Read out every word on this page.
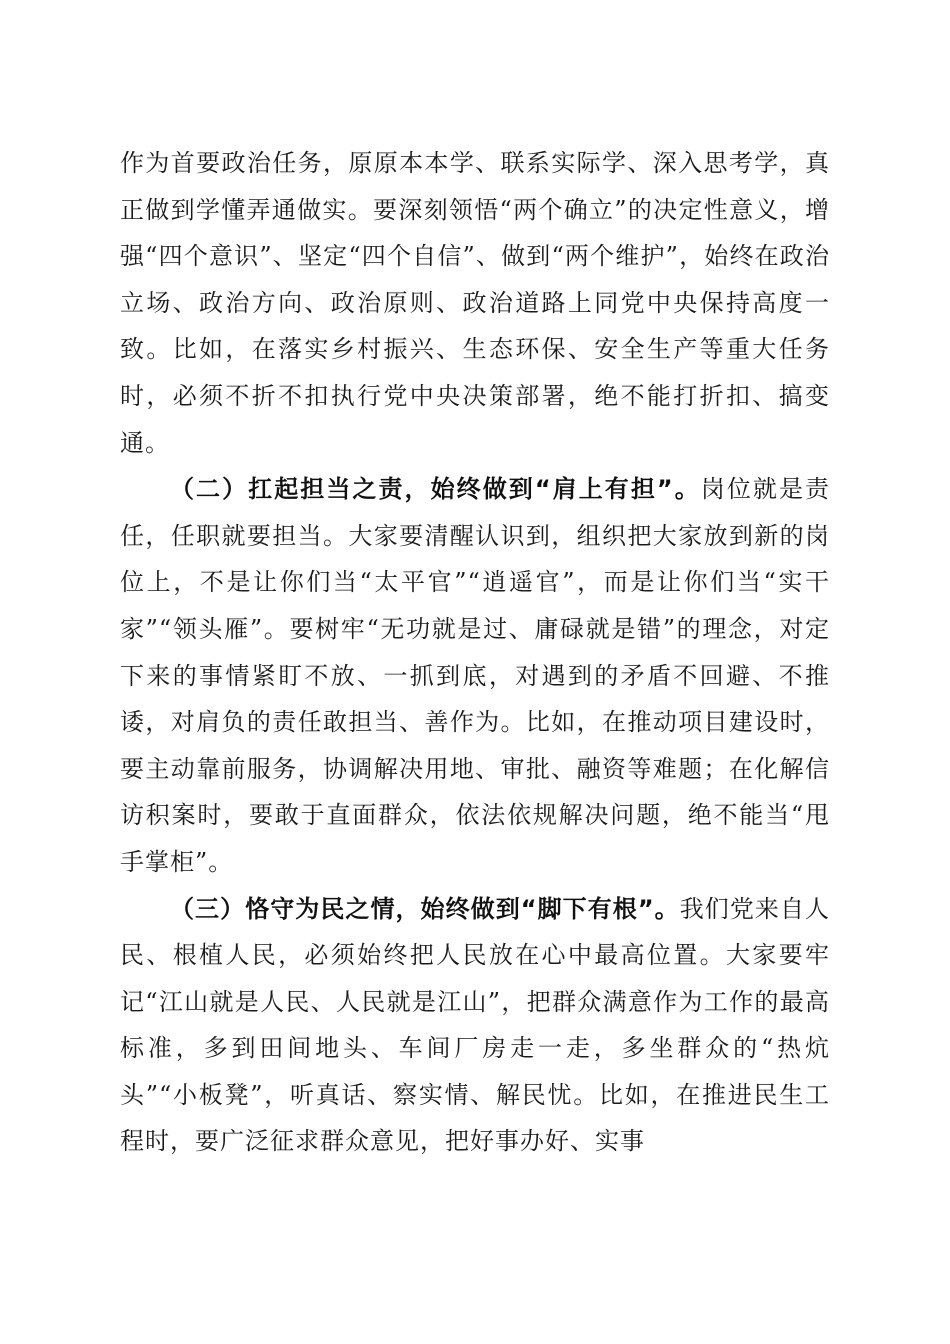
作为首要政治任务，原原本本学、联系实际学、深入思考学，真正做到学懂弄通做实。要深刻领悟“两个确立”的决定性意义，增强“四个意识”、坚定“四个自信”、做到“两个维护”，始终在政治立场、政治方向、政治原则、政治道路上同党中央保持高度一致。比如，在落实乡村振兴、生态环保、安全生产等重大任务时，必须不折不扣执行党中央决策部署，绝不能打折扣、搞变通。

（二）扛起担当之责，始终做到“肩上有担”。岗位就是责任，任职就要担当。大家要清醒认识到，组织把大家放到新的岗位上，不是让你们当“太平官”“逍遥官”，而是让你们当“实干家”“领头雁”。要树牢“无功就是过、庸碌就是错”的理念，对定下来的事情紧盯不放、一抓到底，对遇到的矛盾不回避、不推诿，对肩负的责任敢担当、善作为。比如，在推动项目建设时，要主动靠前服务，协调解决用地、审批、融资等难题；在化解信访积案时，要敢于直面群众，依法依规解决问题，绝不能当“甩手掌柜”。

（三）恪守为民之情，始终做到“脚下有根”。我们党来自人民、根植人民，必须始终把人民放在心中最高位置。大家要牢记“江山就是人民、人民就是江山”，把群众满意作为工作的最高标准，多到田间地头、车间厂房走一走，多坐群众的“热炕头”“小板凳”，听真话、察实情、解民忧。比如，在推进民生工程时，要广泛征求群众意见，把好事办好、实事
